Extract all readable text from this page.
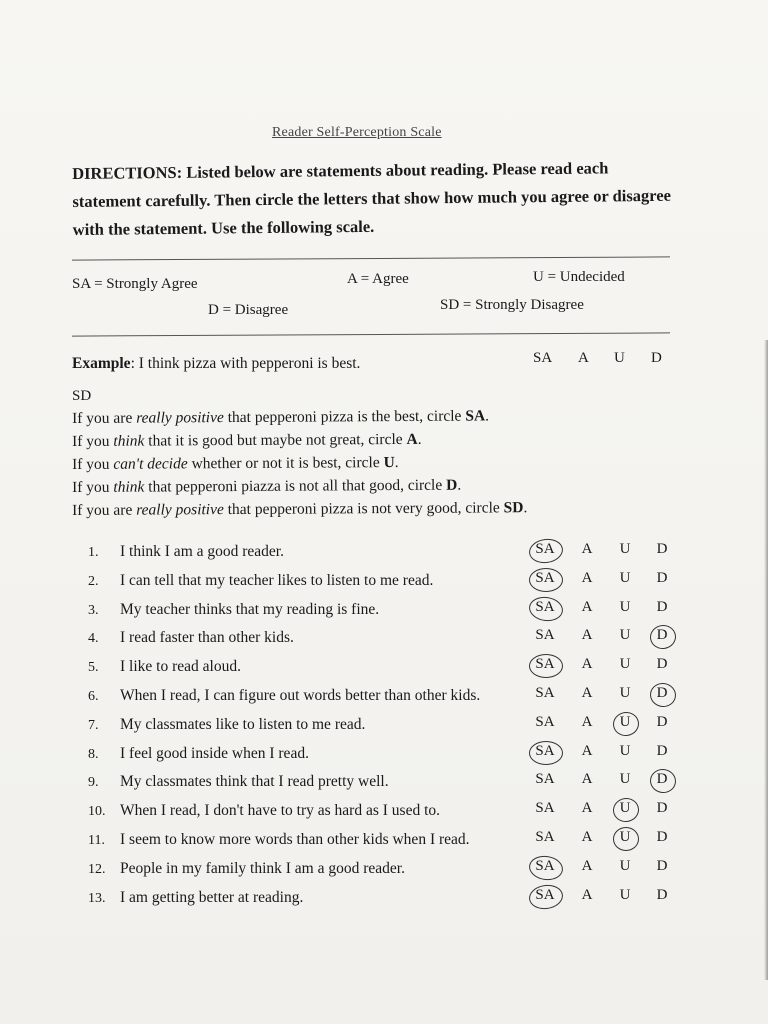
Reader Self-Perception Scale
DIRECTIONS: Listed below are statements about reading. Please read each statement carefully. Then circle the letters that show how much you agree or disagree with the statement. Use the following scale.
SA = Strongly Agree	A = Agree	U = Undecided
D = Disagree	SD = Strongly Disagree
Example: I think pizza with pepperoni is best.	SA A U D
SD
If you are really positive that pepperoni pizza is the best, circle SA.
If you think that it is good but maybe not great, circle A.
If you can't decide whether or not it is best, circle U.
If you think that pepperoni piazza is not all that good, circle D.
If you are really positive that pepperoni pizza is not very good, circle SD.
1. I think I am a good reader.	SA	A	U	D
2. I can tell that my teacher likes to listen to me read.	SA	A	U	D
3. My teacher thinks that my reading is fine.	SA	A	U	D
4. I read faster than other kids.	SA	A	U	D
5. I like to read aloud.	SA	A	U	D
6. When I read, I can figure out words better than other kids.	SA	A	U	D
7. My classmates like to listen to me read.	SA	A	U	D
8. I feel good inside when I read.	SA	A	U	D
9. My classmates think that I read pretty well.	SA	A	U	D
10. When I read, I don't have to try as hard as I used to.	SA	A	U	D
11. I seem to know more words than other kids when I read.	SA	A	U	D
12. People in my family think I am a good reader.	SA	A	U	D
13. I am getting better at reading.	SA	A	U	D
